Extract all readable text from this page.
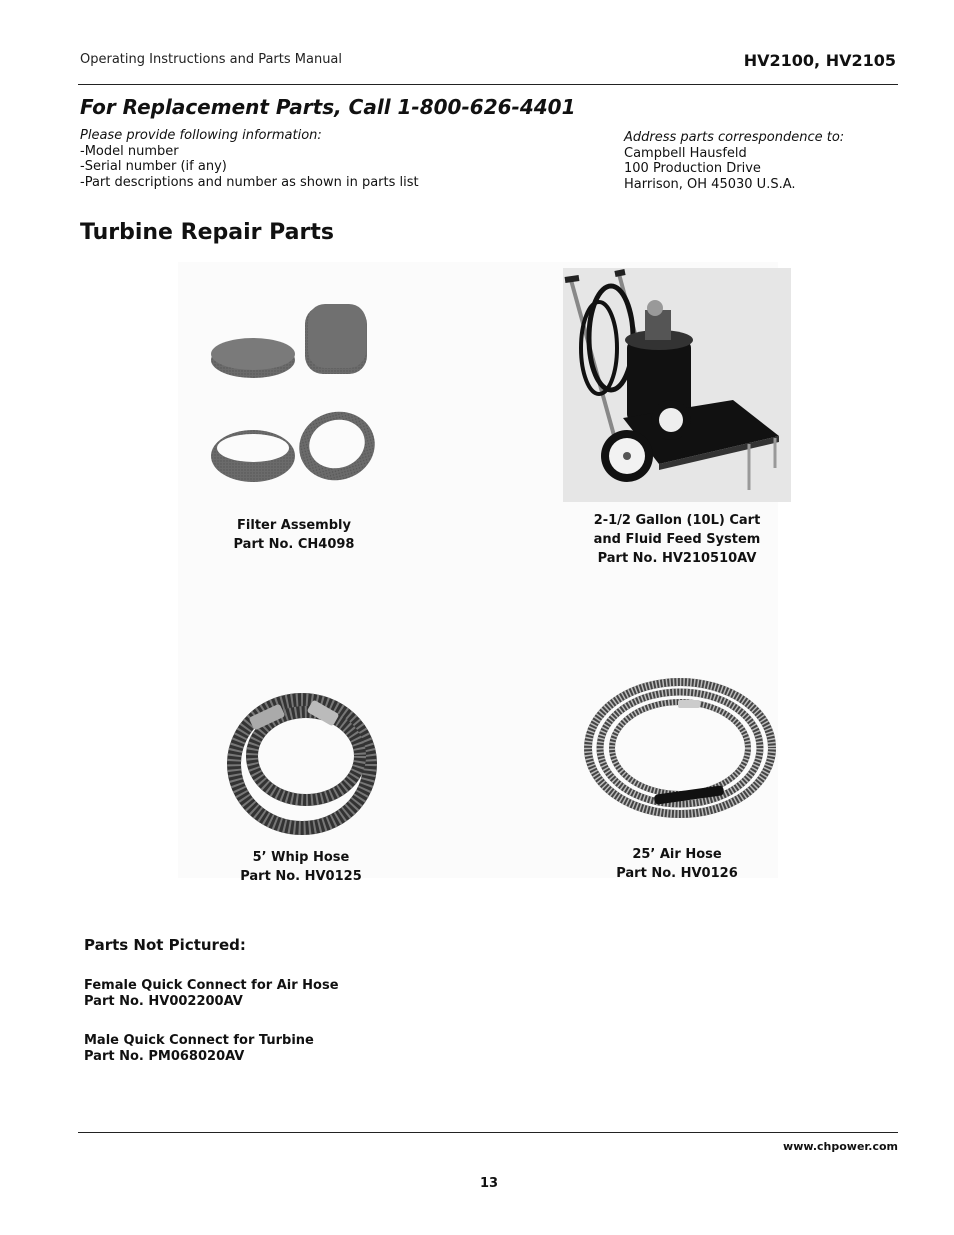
Operating Instructions and Parts Manual	HV2100, HV2105
For Replacement Parts, Call 1-800-626-4401
Please provide following information:
-Model number
-Serial number (if any)
-Part descriptions and number as shown in parts list
Address parts correspondence to:
Campbell Hausfeld
100 Production Drive
Harrison, OH 45030 U.S.A.
Turbine Repair Parts
Filter Assembly
Part No. CH4098
2-1/2 Gallon (10L) Cart
and Fluid Feed System
Part No. HV210510AV
5’ Whip Hose
Part No. HV0125
25’ Air Hose
Part No. HV0126
Parts Not Pictured:
Female Quick Connect for Air Hose
Part No. HV002200AV
Male Quick Connect for Turbine
Part No. PM068020AV
www.chpower.com
13
